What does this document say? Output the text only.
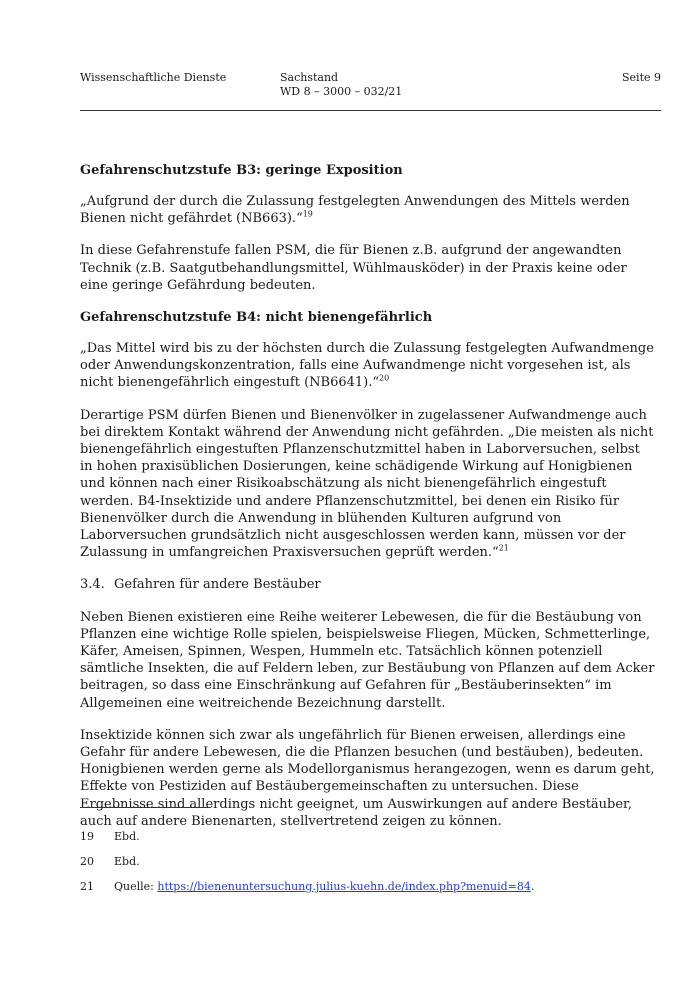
Wissenschaftliche Dienste	Sachstand
WD 8 – 3000 – 032/21
Seite 9
Gefahrenschutzstufe B3: geringe Exposition

„Aufgrund der durch die Zulassung festgelegten Anwendungen des Mittels werden Bienen nicht gefährdet (NB663).“$^{19}$

In diese Gefahrenstufe fallen PSM, die für Bienen z.B. aufgrund der angewandten Technik (z.B. Saatgutbehandlungsmittel, Wühlmausköder) in der Praxis keine oder eine geringe Gefährdung bedeuten.

Gefahrenschutzstufe B4: nicht bienengefährlich

„Das Mittel wird bis zu der höchsten durch die Zulassung festgelegten Aufwandmenge oder Anwendungskonzentration, falls eine Aufwandmenge nicht vorgesehen ist, als nicht bienengefährlich eingestuft (NB6641).“$^{20}$

Derartige PSM dürfen Bienen und Bienenvölker in zugelassener Aufwandmenge auch bei direktem Kontakt während der Anwendung nicht gefährden. „Die meisten als nicht bienengefährlich eingestuften Pflanzenschutzmittel haben in Laborversuchen, selbst in hohen praxisüblichen Dosierungen, keine schädigende Wirkung auf Honigbienen und können nach einer Risikoabschätzung als nicht bienengefährlich eingestuft werden. B4-Insektizide und andere Pflanzenschutzmittel, bei denen ein Risiko für Bienenvölker durch die Anwendung in blühenden Kulturen aufgrund von Laborversuchen grundsätzlich nicht ausgeschlossen werden kann, müssen vor der Zulassung in umfangreichen Praxisversuchen geprüft werden.“$^{21}$

3.4. Gefahren für andere Bestäuber

Neben Bienen existieren eine Reihe weiterer Lebewesen, die für die Bestäubung von Pflanzen eine wichtige Rolle spielen, beispielsweise Fliegen, Mücken, Schmetterlinge, Käfer, Ameisen, Spinnen, Wespen, Hummeln etc. Tatsächlich können potenziell sämtliche Insekten, die auf Feldern leben, zur Bestäubung von Pflanzen auf dem Acker beitragen, so dass eine Einschränkung auf Gefahren für „Bestäuberinsekten“ im Allgemeinen eine weitreichende Bezeichnung darstellt.

Insektizide können sich zwar als ungefährlich für Bienen erweisen, allerdings eine Gefahr für andere Lebewesen, die die Pflanzen besuchen (und bestäuben), bedeuten. Honigbienen werden gerne als Modellorganismus herangezogen, wenn es darum geht, Effekte von Pestiziden auf Bestäubergemeinschaften zu untersuchen. Diese Ergebnisse sind allerdings nicht geeignet, um Auswirkungen auf andere Bestäuber, auch auf andere Bienenarten, stellvertretend zeigen zu können.

19 Ebd.
20 Ebd.
21 Quelle: https://bienenuntersuchung.julius-kuehn.de/index.php?menuid=84.
